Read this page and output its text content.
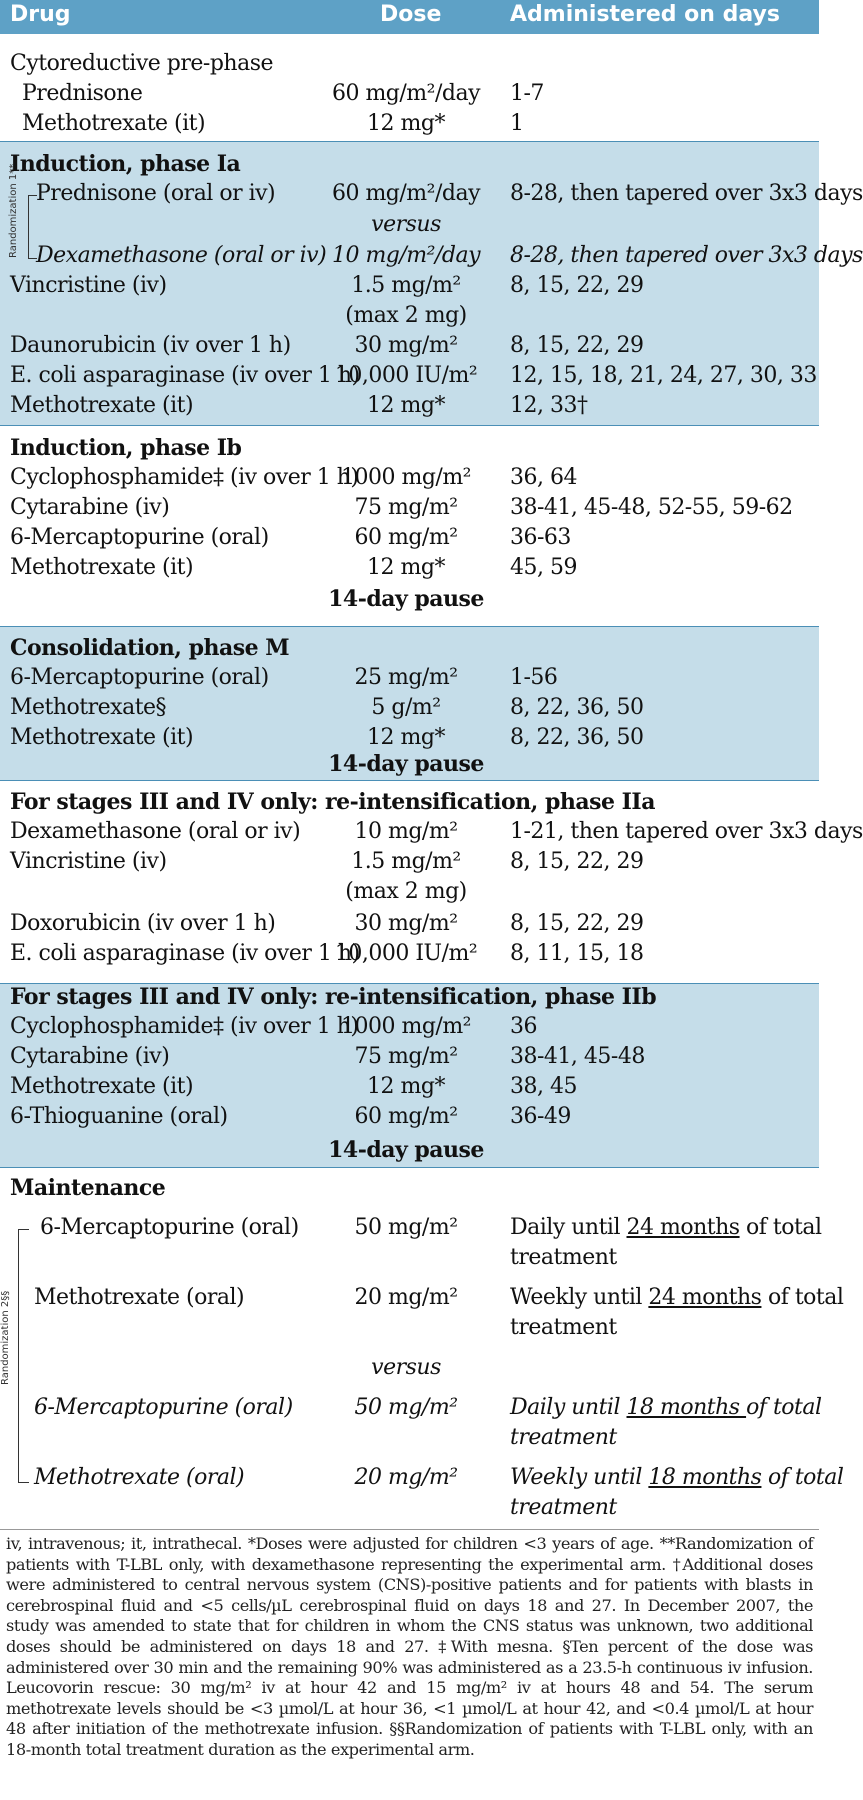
Drug	Dose	Administered on days
Cytoreductive pre-phase
Prednisone	60 mg/m²/day 1-7
Methotrexate (it)	12 mg*	1
Induction, phase Ia
Randomization 1** Prednisone (oral or iv)	60 mg/m²/day 8-28, then tapered over 3x3 days
versus
Dexamethasone (oral or iv) 10 mg/m²/day 8-28, then tapered over 3x3 days
Vincristine (iv)	1.5 mg/m² 8, 15, 22, 29
(max 2 mg)
Daunorubicin (iv over 1 h)	30 mg/m² 8, 15, 22, 29
E. coli asparaginase (iv over 1 h)
10,000 IU/m² 12, 15, 18, 21, 24, 27, 30, 33
Methotrexate (it)	12 mg*	12, 33†
Induction, phase Ib
Cyclophosphamide‡ (iv over 1 h)
1000 mg/m² 36, 64
Cytarabine (iv)	75 mg/m² 38-41, 45-48, 52-55, 59-62
6-Mercaptopurine (oral)	60 mg/m² 36-63
Methotrexate (it)	12 mg*	45, 59
14-day pause
Consolidation, phase M
6-Mercaptopurine (oral)	25 mg/m² 1-56
Methotrexate§	5 g/m²	8, 22, 36, 50
Methotrexate (it)	12 mg*	8, 22, 36, 50
14-day pause
For stages III and IV only: re-intensification, phase IIa
Dexamethasone (oral or iv) 10 mg/m² 1-21, then tapered over 3x3 days
Vincristine (iv)	1.5 mg/m² 8, 15, 22, 29
(max 2 mg)
Doxorubicin (iv over 1 h)	30 mg/m² 8, 15, 22, 29
E. coli asparaginase (iv over 1 h)
10,000 IU/m² 8, 11, 15, 18
For stages III and IV only: re-intensification, phase IIb
Cyclophosphamide‡ (iv over 1 h)
1000 mg/m² 36
Cytarabine (iv)	75 mg/m² 38-41, 45-48
Methotrexate (it)	12 mg*	38, 45
6-Thioguanine (oral)	60 mg/m² 36-49
14-day pause
Maintenance
Randomization 2§§
6-Mercaptopurine (oral)	50 mg/m² Daily until 24 months of total
treatment
Methotrexate (oral)	20 mg/m² Weekly until 24 months of total
treatment
versus
6-Mercaptopurine (oral)	50 mg/m² Daily until 18 months of total
treatment
Methotrexate (oral)	20 mg/m² Weekly until 18 months of total
treatment
iv, intravenous; it, intrathecal. *Doses were adjusted for children <3 years of age. **Randomization of patients with T-LBL only, with dexamethasone representing the experimental arm. †Additional doses were administered to central nervous system (CNS)-positive patients and for patients with blasts in cerebrospinal fluid and <5 cells/µL cerebrospinal fluid on days 18 and 27. In December 2007, the study was amended to state that for children in whom the CNS status was unknown, two additional doses should be administered on days 18 and 27. ‡With mesna. §Ten percent of the dose was administered over 30 min and the remaining 90% was administered as a 23.5-h continuous iv infusion. Leucovorin rescue: 30 mg/m² iv at hour 42 and 15 mg/m² iv at hours 48 and 54. The serum methotrexate levels should be <3 µmol/L at hour 36, <1 µmol/L at hour 42, and <0.4 µmol/L at hour 48 after initiation of the methotrexate infusion. §§Randomization of patients with T-LBL only, with an 18-month total treatment duration as the experimental arm.
